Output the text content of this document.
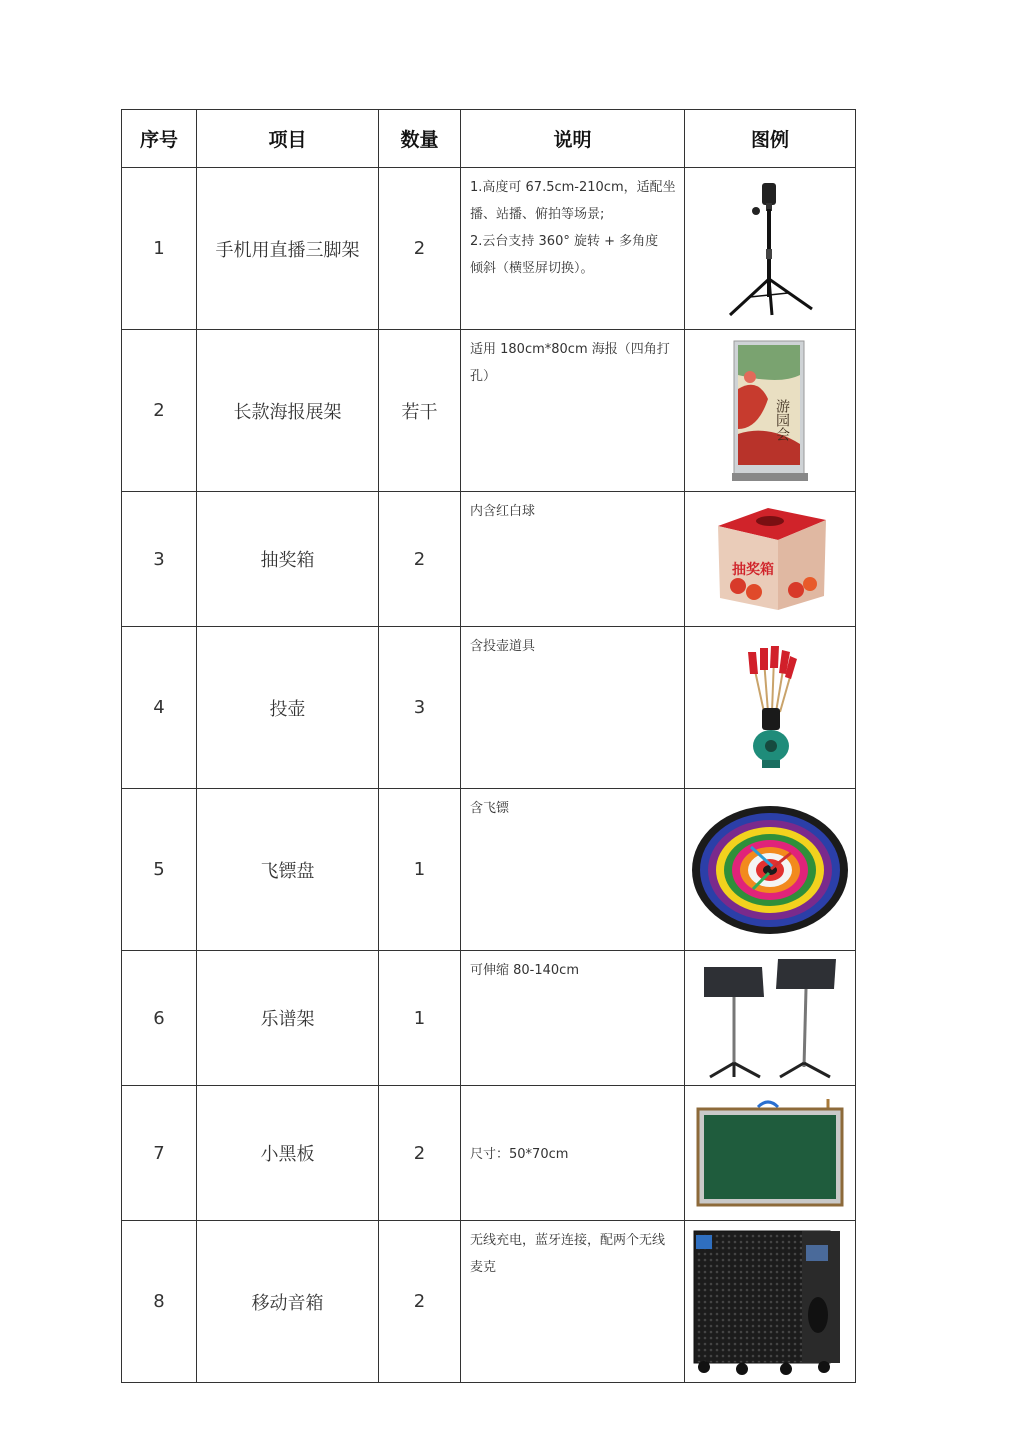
序号	项目	数量	说明	图例
1	手机用直播三脚架	2	1.高度可 67.5cm-210cm，适配坐
播、站播、俯拍等场景;
2.云台支持 360° 旋转 + 多角度
倾斜（横竖屏切换）。

2	长款海报展架	若干	适用 180cm*80cm 海报（四角打
孔）	游园会

3	抽奖箱	2	内含红白球	抽奖箱

4	投壶	3	含投壶道具

5	飞镖盘	1	含飞镖

6	乐谱架	1	可伸缩 80-140cm

7	小黑板	2	尺寸：50*70cm

8	移动音箱	2	无线充电，蓝牙连接，配两个无线
麦克
